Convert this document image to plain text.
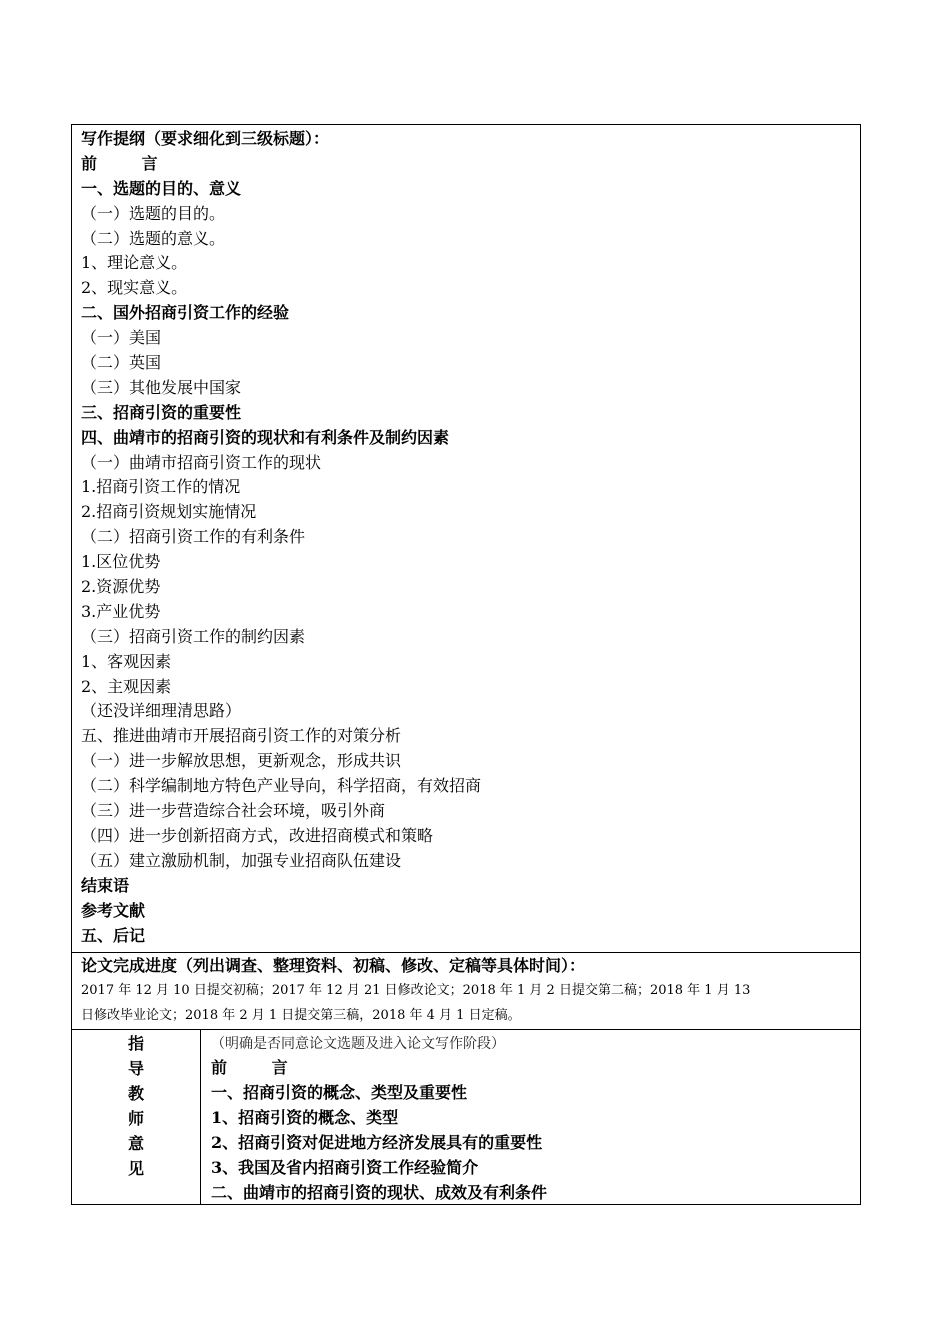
写作提纲（要求细化到三级标题）：
前        言
一、选题的目的、意义
（一）选题的目的。
（二）选题的意义。
1、理论意义。
2、现实意义。
二、国外招商引资工作的经验
（一）美国
（二）英国
（三）其他发展中国家
三、招商引资的重要性
四、曲靖市的招商引资的现状和有利条件及制约因素
（一）曲靖市招商引资工作的现状
1.招商引资工作的情况
2.招商引资规划实施情况
（二）招商引资工作的有利条件
1.区位优势
2.资源优势
3.产业优势
（三）招商引资工作的制约因素
1、客观因素
2、主观因素
（还没详细理清思路）
五、推进曲靖市开展招商引资工作的对策分析
（一）进一步解放思想，更新观念，形成共识
（二）科学编制地方特色产业导向，科学招商，有效招商
（三）进一步营造综合社会环境，吸引外商
（四）进一步创新招商方式，改进招商模式和策略
（五）建立激励机制，加强专业招商队伍建设
结束语
参考文献
五、后记
论文完成进度（列出调查、整理资料、初稿、修改、定稿等具体时间）：
2017 年 12 月 10 日提交初稿；2017 年 12 月 21 日修改论文；2018 年 1 月 2 日提交第二稿；2018 年 1 月 13
日修改毕业论文；2018 年 2 月 1 日提交第三稿，2018 年 4 月 1 日定稿。
指
导
教
师
意
见
（明确是否同意论文选题及进入论文写作阶段）
前        言
一、招商引资的概念、类型及重要性
1、招商引资的概念、类型
2、招商引资对促进地方经济发展具有的重要性
3、我国及省内招商引资工作经验简介
二、曲靖市的招商引资的现状、成效及有利条件
